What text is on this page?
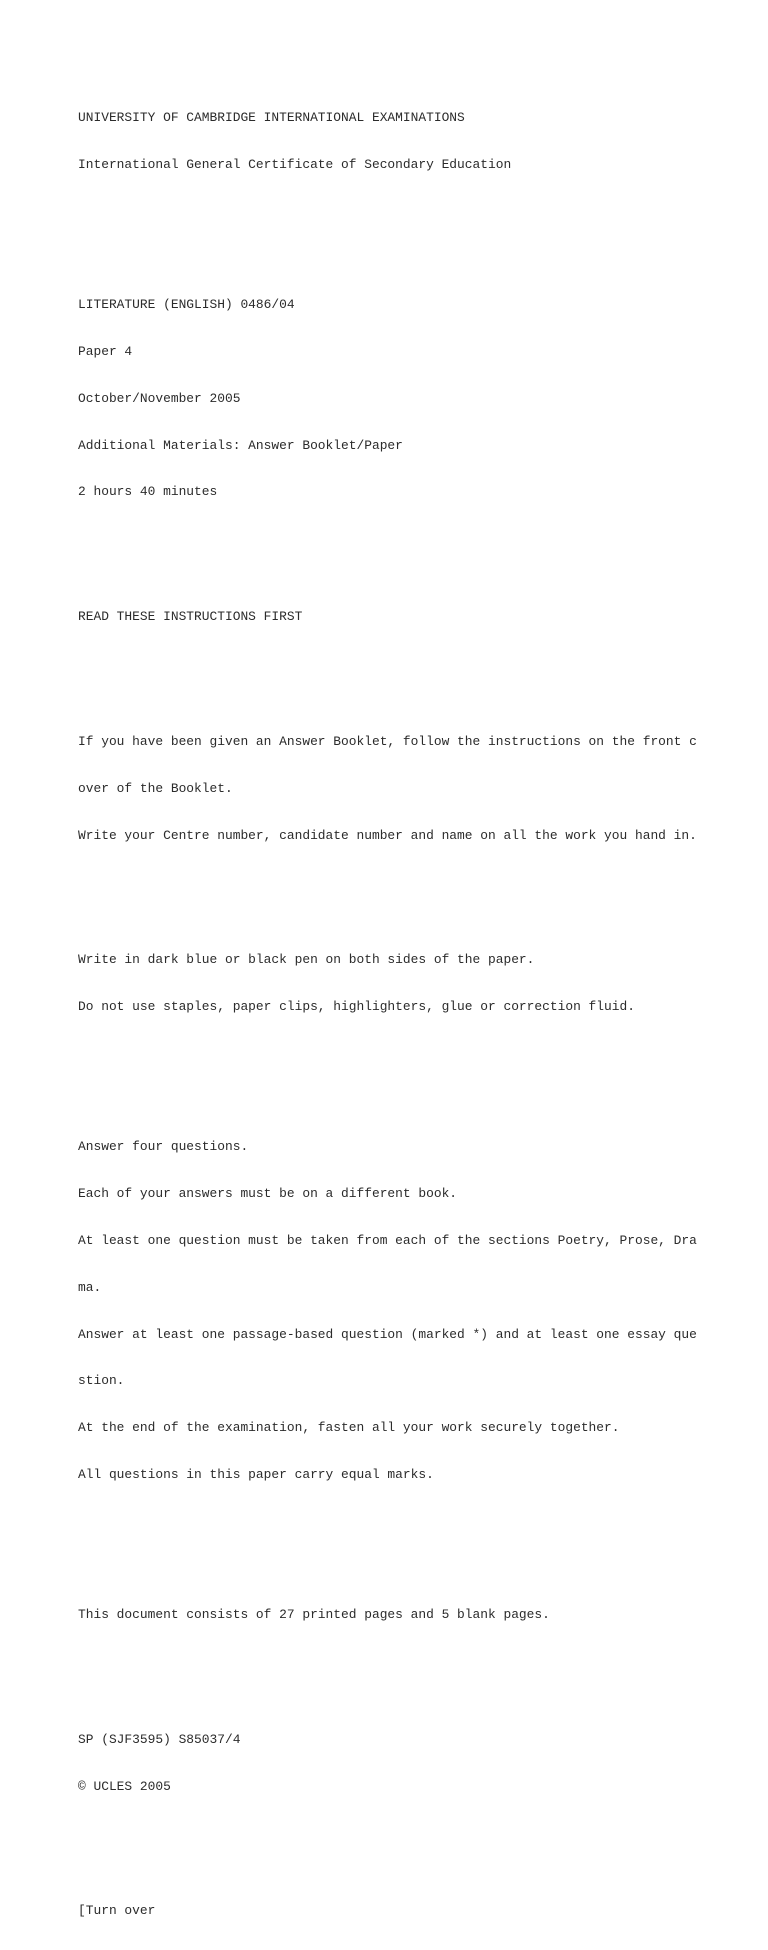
UNIVERSITY OF CAMBRIDGE INTERNATIONAL EXAMINATIONS

International General Certificate of Secondary Education

LITERATURE (ENGLISH) 0486/04

Paper 4

October/November 2005

Additional Materials: Answer Booklet/Paper

2 hours 40 minutes

READ THESE INSTRUCTIONS FIRST

If you have been given an Answer Booklet, follow the instructions on the front c

over of the Booklet.

Write your Centre number, candidate number and name on all the work you hand in.

Write in dark blue or black pen on both sides of the paper.

Do not use staples, paper clips, highlighters, glue or correction fluid.

Answer four questions.

Each of your answers must be on a different book.

At least one question must be taken from each of the sections Poetry, Prose, Dra

ma.

Answer at least one passage-based question (marked *) and at least one essay que

stion.

At the end of the examination, fasten all your work securely together.

All questions in this paper carry equal marks.

This document consists of 27 printed pages and 5 blank pages.

SP (SJF3595) S85037/4

© UCLES 2005

[Turn over
